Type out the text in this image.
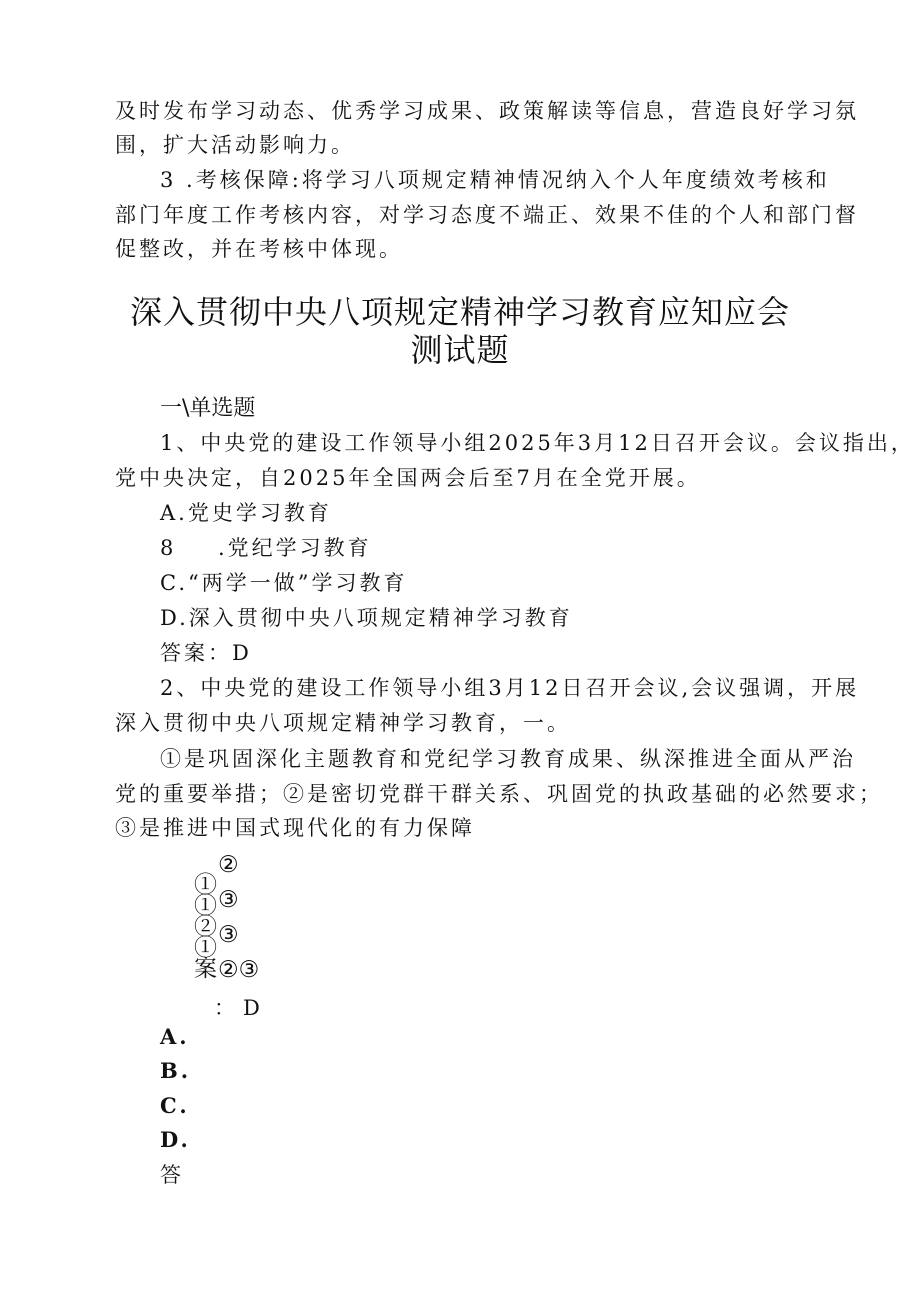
及时发布学习动态、优秀学习成果、政策解读等信息，营造良好学习氛
围，扩大活动影响力。
3 .考核保障:将学习八项规定精神情况纳入个人年度绩效考核和
部门年度工作考核内容，对学习态度不端正、效果不佳的个人和部门督
促整改，并在考核中体现。
深入贯彻中央八项规定精神学习教育应知应会
测试题
一\单选题
1、中央党的建设工作领导小组2025年3月12日召开会议。会议指出，
党中央决定，自2025年全国两会后至7月在全党开展。
A.党史学习教育
8 .党纪学习教育
C.“两学一做”学习教育
D.深入贯彻中央八项规定精神学习教育
答案：D
2、中央党的建设工作领导小组3月12日召开会议,会议强调，开展
深入贯彻中央八项规定精神学习教育，一。
①是巩固深化主题教育和党纪学习教育成果、纵深推进全面从严治
党的重要举措；②是密切党群干群关系、巩固党的执政基础的必然要求；
③是推进中国式现代化的有力保障
①①②①案
②
③
③
②③
：D
A.
B.
C.
D.
答
